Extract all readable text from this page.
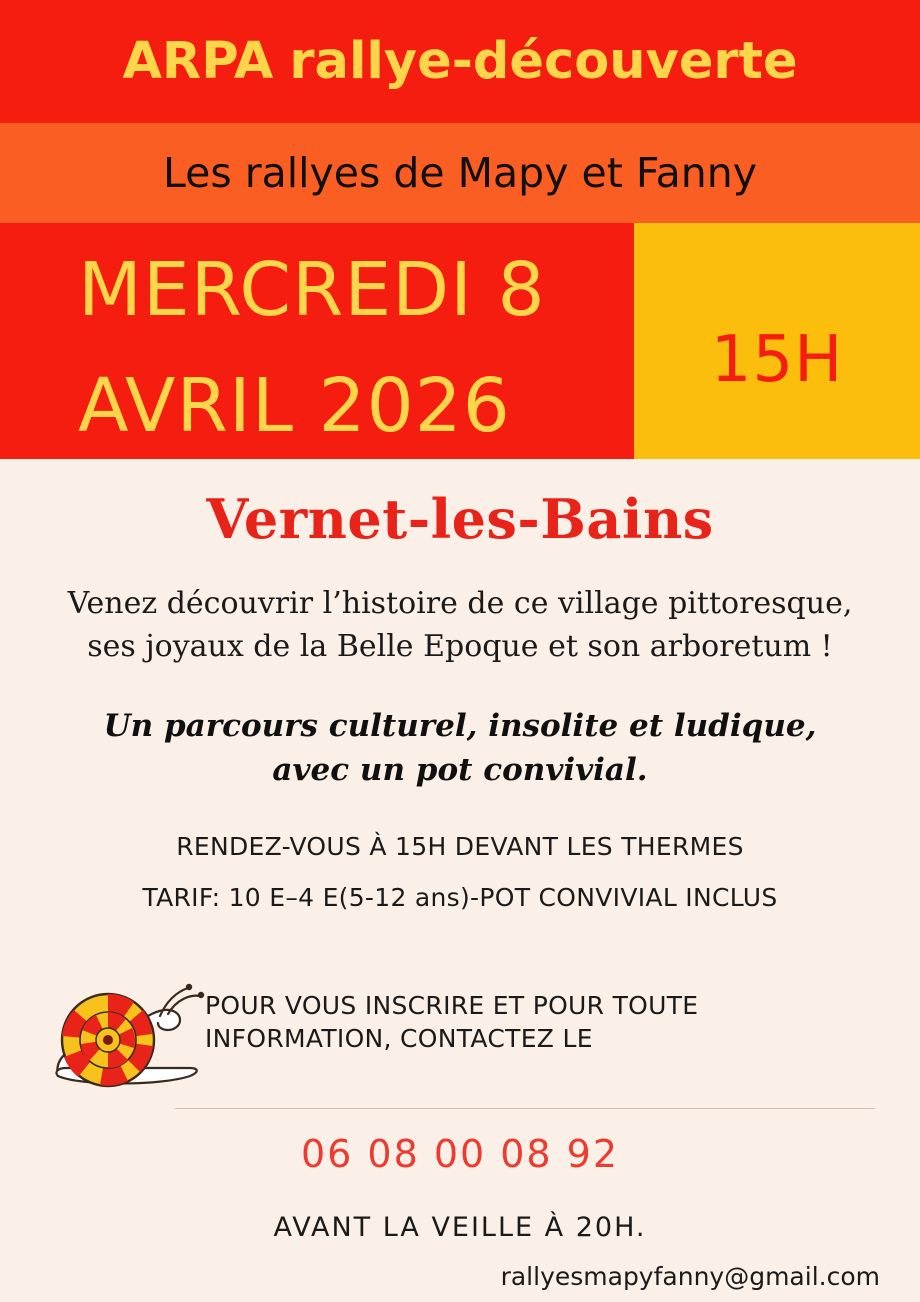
ARPA rallye-découverte
Les rallyes de Mapy et Fanny
MERCREDI 8
AVRIL 2026
15H
Vernet-les-Bains
Venez découvrir l’histoire de ce village pittoresque, ses joyaux de la Belle Epoque et son arboretum !
Un parcours culturel, insolite et ludique, avec un pot convivial.
RENDEZ-VOUS À 15H DEVANT LES THERMES
TARIF: 10 E–4 E(5-12 ans)-POT CONVIVIAL INCLUS
POUR VOUS INSCRIRE ET POUR TOUTE INFORMATION, CONTACTEZ LE
06 08 00 08 92
AVANT LA VEILLE À 20H.
rallyesmapyfanny@gmail.com
